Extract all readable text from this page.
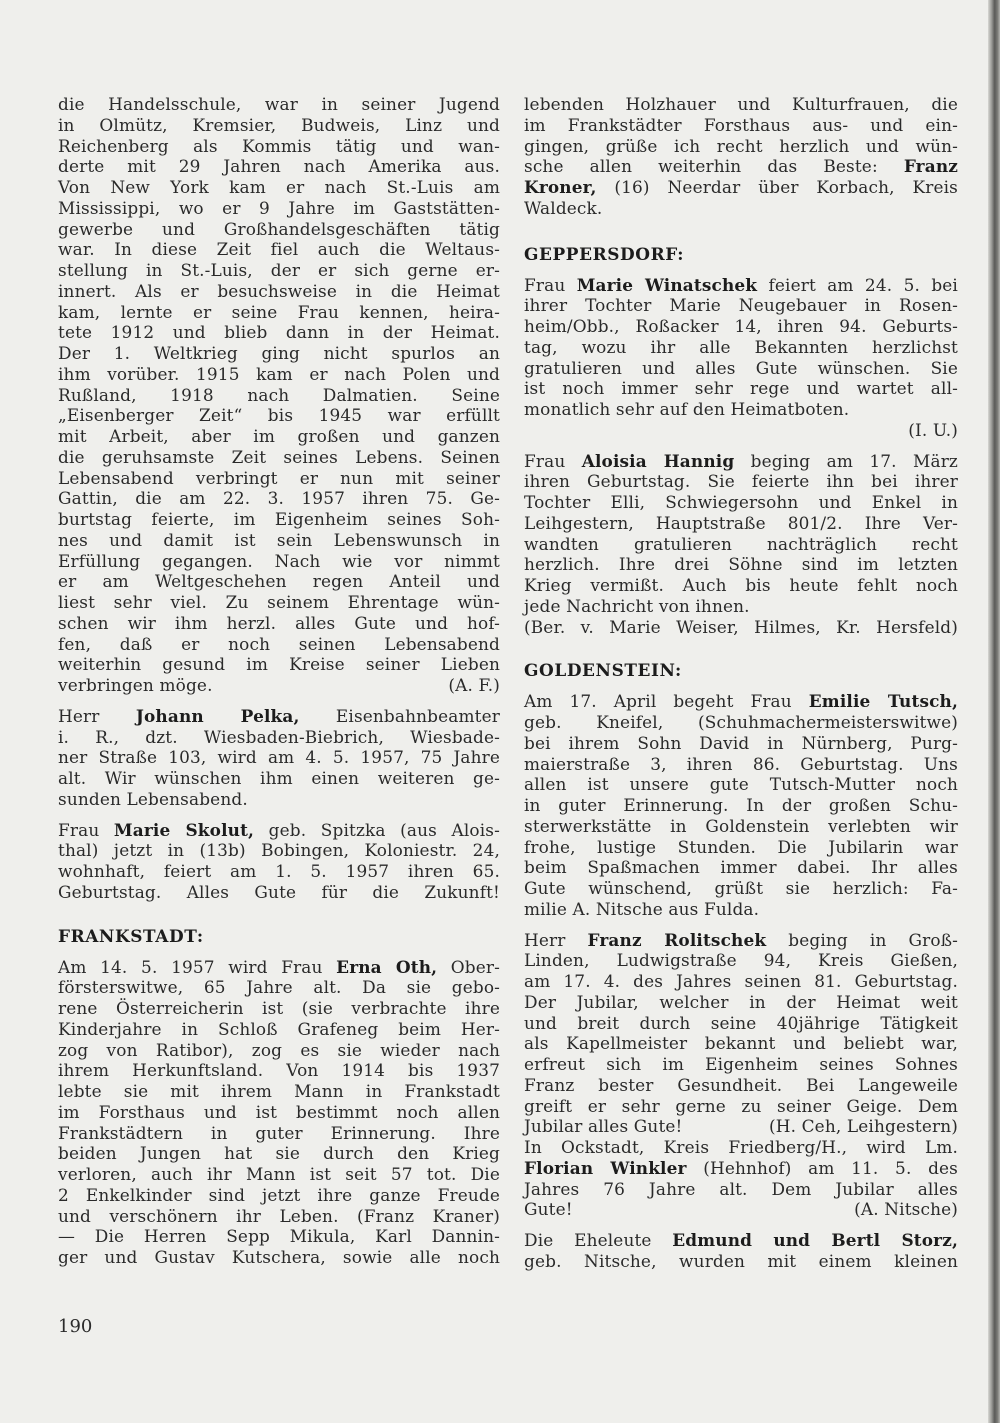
die Handelsschule, war in seiner Jugend
in Olmütz, Kremsier, Budweis, Linz und
Reichenberg als Kommis tätig und wan-
derte mit 29 Jahren nach Amerika aus.
Von New York kam er nach St.-Luis am
Mississippi, wo er 9 Jahre im Gaststätten-
gewerbe und Großhandelsgeschäften tätig
war. In diese Zeit fiel auch die Weltaus-
stellung in St.-Luis, der er sich gerne er-
innert. Als er besuchsweise in die Heimat
kam, lernte er seine Frau kennen, heira-
tete 1912 und blieb dann in der Heimat.
Der 1. Weltkrieg ging nicht spurlos an
ihm vorüber. 1915 kam er nach Polen und
Rußland, 1918 nach Dalmatien. Seine
„Eisenberger Zeit“ bis 1945 war erfüllt
mit Arbeit, aber im großen und ganzen
die geruhsamste Zeit seines Lebens. Seinen
Lebensabend verbringt er nun mit seiner
Gattin, die am 22. 3. 1957 ihren 75. Ge-
burtstag feierte, im Eigenheim seines Soh-
nes und damit ist sein Lebenswunsch in
Erfüllung gegangen. Nach wie vor nimmt
er am Weltgeschehen regen Anteil und
liest sehr viel. Zu seinem Ehrentage wün-
schen wir ihm herzl. alles Gute und hof-
fen, daß er noch seinen Lebensabend
weiterhin gesund im Kreise seiner Lieben
verbringen möge.	(A. F.)
Herr Johann Pelka, Eisenbahnbeamter
i. R., dzt. Wiesbaden-Biebrich, Wiesbade-
ner Straße 103, wird am 4. 5. 1957, 75 Jahre
alt. Wir wünschen ihm einen weiteren ge-
sunden Lebensabend.
Frau Marie Skolut, geb. Spitzka (aus Alois-
thal) jetzt in (13b) Bobingen, Koloniestr. 24,
wohnhaft, feiert am 1. 5. 1957 ihren 65.
Geburtstag. Alles Gute für die Zukunft!
FRANKSTADT:
Am 14. 5. 1957 wird Frau Erna Oth, Ober-
försterswitwe, 65 Jahre alt. Da sie gebo-
rene Österreicherin ist (sie verbrachte ihre
Kinderjahre in Schloß Grafeneg beim Her-
zog von Ratibor), zog es sie wieder nach
ihrem Herkunftsland. Von 1914 bis 1937
lebte sie mit ihrem Mann in Frankstadt
im Forsthaus und ist bestimmt noch allen
Frankstädtern in guter Erinnerung. Ihre
beiden Jungen hat sie durch den Krieg
verloren, auch ihr Mann ist seit 57 tot. Die
2 Enkelkinder sind jetzt ihre ganze Freude
und verschönern ihr Leben. (Franz Kraner)
— Die Herren Sepp Mikula, Karl Dannin-
ger und Gustav Kutschera, sowie alle noch
lebenden Holzhauer und Kulturfrauen, die
im Frankstädter Forsthaus aus- und ein-
gingen, grüße ich recht herzlich und wün-
sche allen weiterhin das Beste: Franz
Kroner, (16) Neerdar über Korbach, Kreis
Waldeck.
GEPPERSDORF:
Frau Marie Winatschek feiert am 24. 5. bei
ihrer Tochter Marie Neugebauer in Rosen-
heim/Obb., Roßacker 14, ihren 94. Geburts-
tag, wozu ihr alle Bekannten herzlichst
gratulieren und alles Gute wünschen. Sie
ist noch immer sehr rege und wartet all-
monatlich sehr auf den Heimatboten.
(I. U.)
Frau Aloisia Hannig beging am 17. März
ihren Geburtstag. Sie feierte ihn bei ihrer
Tochter Elli, Schwiegersohn und Enkel in
Leihgestern, Hauptstraße 801/2. Ihre Ver-
wandten gratulieren nachträglich recht
herzlich. Ihre drei Söhne sind im letzten
Krieg vermißt. Auch bis heute fehlt noch
jede Nachricht von ihnen.
(Ber. v. Marie Weiser, Hilmes, Kr. Hersfeld)
GOLDENSTEIN:
Am 17. April begeht Frau Emilie Tutsch,
geb. Kneifel, (Schuhmachermeisterswitwe)
bei ihrem Sohn David in Nürnberg, Purg-
maierstraße 3, ihren 86. Geburtstag. Uns
allen ist unsere gute Tutsch-Mutter noch
in guter Erinnerung. In der großen Schu-
sterwerkstätte in Goldenstein verlebten wir
frohe, lustige Stunden. Die Jubilarin war
beim Spaßmachen immer dabei. Ihr alles
Gute wünschend, grüßt sie herzlich: Fa-
milie A. Nitsche aus Fulda.
Herr Franz Rolitschek beging in Groß-
Linden, Ludwigstraße 94, Kreis Gießen,
am 17. 4. des Jahres seinen 81. Geburtstag.
Der Jubilar, welcher in der Heimat weit
und breit durch seine 40jährige Tätigkeit
als Kapellmeister bekannt und beliebt war,
erfreut sich im Eigenheim seines Sohnes
Franz bester Gesundheit. Bei Langeweile
greift er sehr gerne zu seiner Geige. Dem
Jubilar alles Gute!	(H. Ceh, Leihgestern)
In Ockstadt, Kreis Friedberg/H., wird Lm.
Florian Winkler (Hehnhof) am 11. 5. des
Jahres 76 Jahre alt. Dem Jubilar alles
Gute!	(A. Nitsche)
Die Eheleute Edmund und Bertl Storz,
geb. Nitsche, wurden mit einem kleinen
190
